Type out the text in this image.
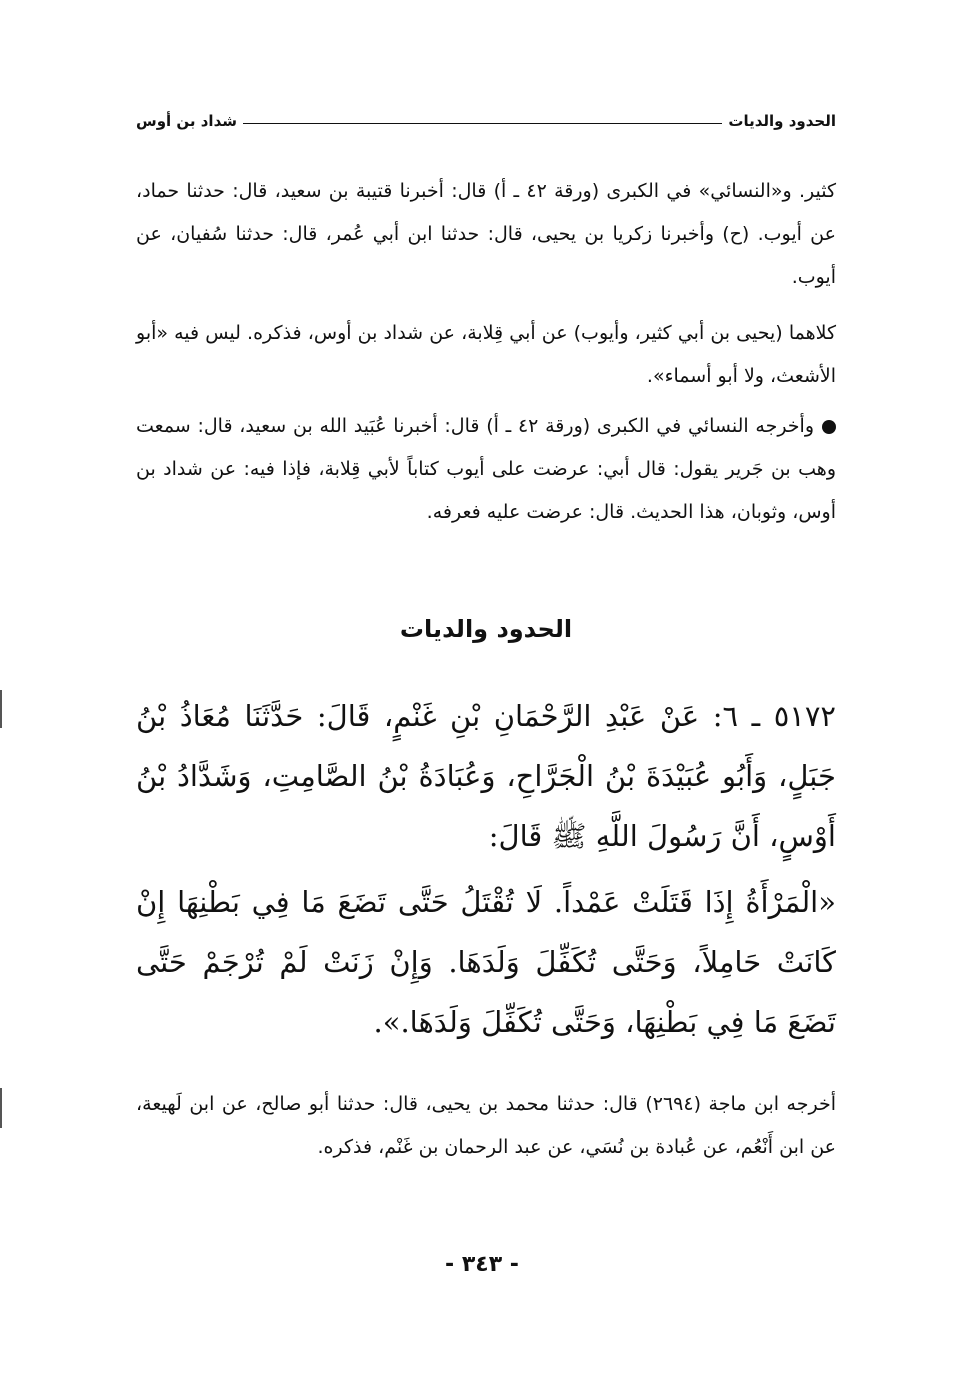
الحدود والديات
شداد بن أوس

كثير. و«النسائي» في الكبرى (ورقة ٤٢ ـ أ) قال: أخبرنا قتيبة بن سعيد، قال: حدثنا حماد، عن أيوب. (ح) وأخبرنا زكريا بن يحيى، قال: حدثنا ابن أبي عُمر، قال: حدثنا سُفيان، عن أيوب.

كلاهما (يحيى بن أبي كثير، وأيوب) عن أبي قِلابة، عن شداد بن أوس، فذكره. ليس فيه «أبو الأشعث، ولا أبو أسماء».

وأخرجه النسائي في الكبرى (ورقة ٤٢ ـ أ) قال: أخبرنا عُبَيد الله بن سعيد، قال: سمعت وهب بن جَرير يقول: قال أبي: عرضت على أيوب كتاباً لأبي قِلابة، فإذا فيه: عن شداد بن أوس، وثوبان، هذا الحديث. قال: عرضت عليه فعرفه.

الحدود والديات

٥١٧٢ ـ ٦: عَنْ عَبْدِ الرَّحْمَانِ بْنِ غَنْمٍ، قَالَ: حَدَّثَنَا مُعَاذُ بْنُ جَبَلٍ، وَأَبُو عُبَيْدَةَ بْنُ الْجَرَّاحِ، وَعُبَادَةُ بْنُ الصَّامِتِ، وَشَدَّادُ بْنُ أَوْسٍ، أَنَّ رَسُولَ اللَّهِ ﷺ قَالَ:

«الْمَرْأَةُ إِذَا قَتَلَتْ عَمْداً. لَا تُقْتَلُ حَتَّى تَضَعَ مَا فِي بَطْنِهَا إِنْ كَانَتْ حَامِلاً، وَحَتَّى تُكَفِّلَ وَلَدَهَا. وَإِنْ زَنَتْ لَمْ تُرْجَمْ حَتَّى تَضَعَ مَا فِي بَطْنِهَا، وَحَتَّى تُكَفِّلَ وَلَدَهَا.».

أخرجه ابن ماجة (٢٦٩٤) قال: حدثنا محمد بن يحيى، قال: حدثنا أبو صالح، عن ابن لَهيعة، عن ابن أَنْعُم، عن عُبادة بن نُسَي، عن عبد الرحمان بن غَنْم، فذكره.

- ٣٤٣ -
